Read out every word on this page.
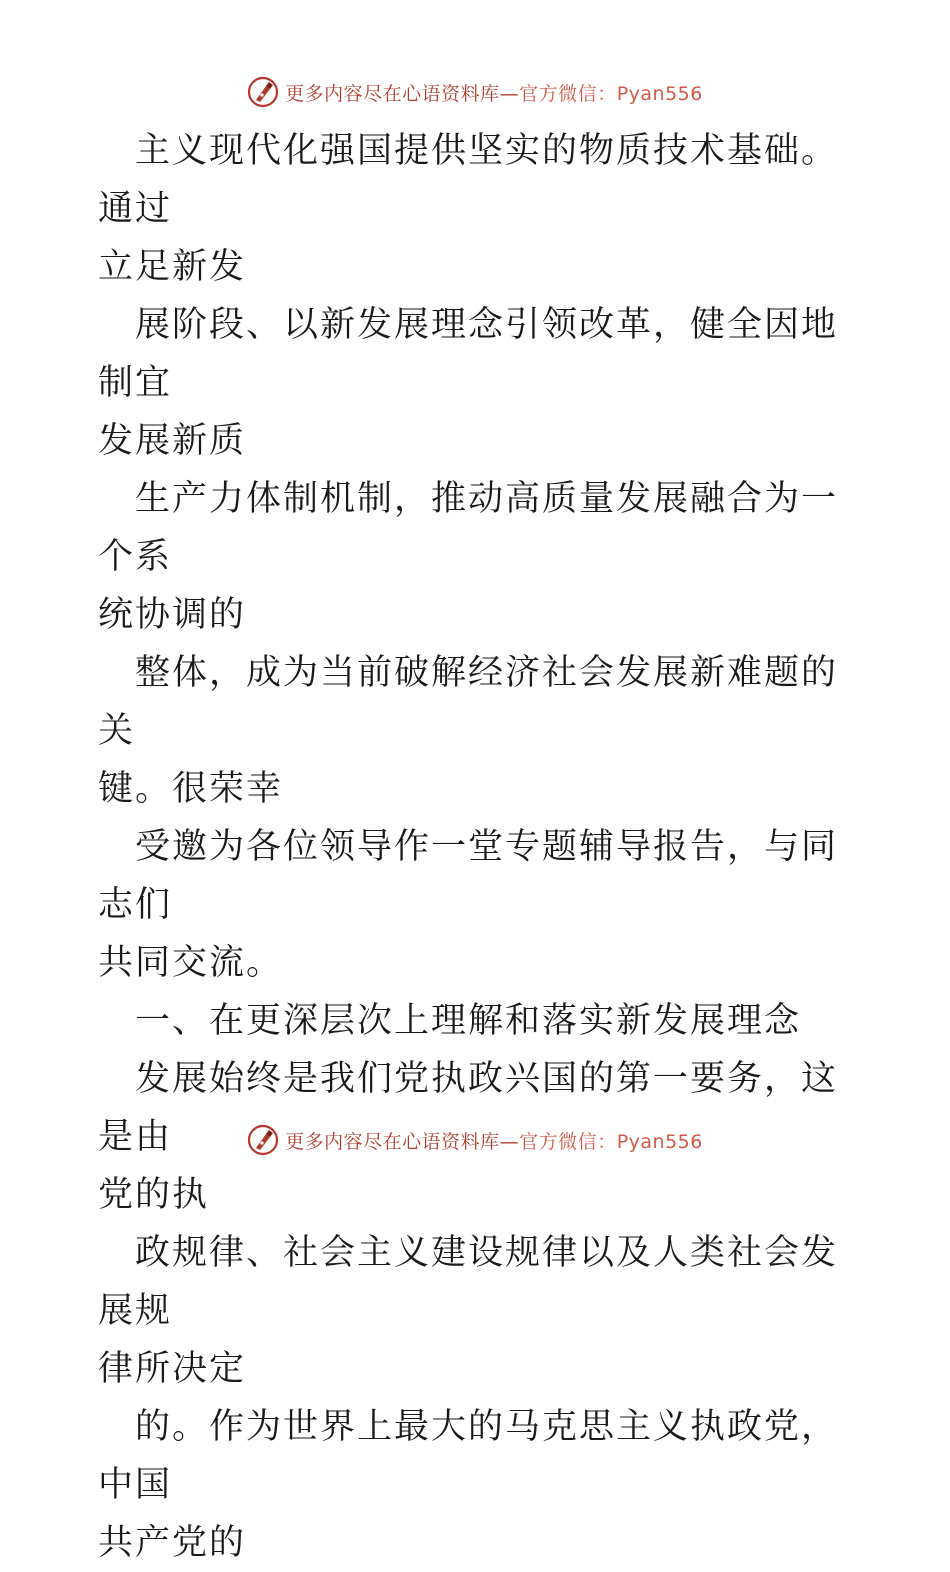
更多内容尽在心语资料库—官方微信：Pyan556

主义现代化强国提供坚实的物质技术基础。通过
立足新发

展阶段、以新发展理念引领改革，健全因地制宜
发展新质

生产力体制机制，推动高质量发展融合为一个系
统协调的

整体，成为当前破解经济社会发展新难题的关
键。很荣幸

受邀为各位领导作一堂专题辅导报告，与同志们
共同交流。

一、在更深层次上理解和落实新发展理念

发展始终是我们党执政兴国的第一要务，这是由
党的执

政规律、社会主义建设规律以及人类社会发展规
律所决定

的。作为世界上最大的马克思主义执政党，中国
共产党的

更多内容尽在心语资料库—官方微信：Pyan556
